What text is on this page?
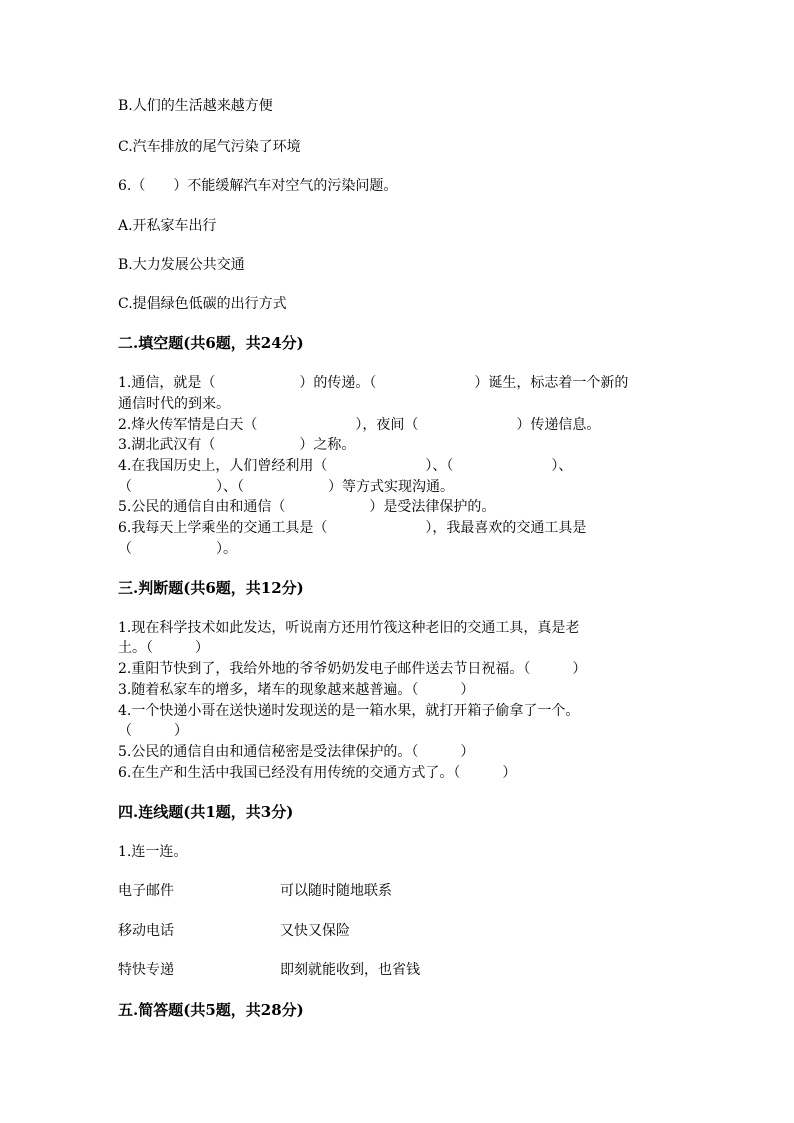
B.人们的生活越来越方便
C.汽车排放的尾气污染了环境
6.（　　）不能缓解汽车对空气的污染问题。
A.开私家车出行
B.大力发展公共交通
C.提倡绿色低碳的出行方式
二.填空题(共6题，共24分)
1.通信，就是（　　　　　　）的传递。（　　　　　　　）诞生，标志着一个新的
通信时代的到来。
2.烽火传军情是白天（　　　　　　　），夜间（　　　　　　　）传递信息。
3.湖北武汉有（　　　　　　）之称。
4.在我国历史上，人们曾经利用（　　　　　　　）、（　　　　　　　）、
（　　　　　　）、（　　　　　　）等方式实现沟通。
5.公民的通信自由和通信（　　　　　　）是受法律保护的。
6.我每天上学乘坐的交通工具是（　　　　　　　），我最喜欢的交通工具是
（　　　　　　）。
三.判断题(共6题，共12分)
1.现在科学技术如此发达，听说南方还用竹筏这种老旧的交通工具，真是老
土。（　　　）
2.重阳节快到了，我给外地的爷爷奶奶发电子邮件送去节日祝福。（　　　）
3.随着私家车的增多，堵车的现象越来越普遍。（　　　）
4.一个快递小哥在送快递时发现送的是一箱水果，就打开箱子偷拿了一个。
（　　　）
5.公民的通信自由和通信秘密是受法律保护的。（　　　）
6.在生产和生活中我国已经没有用传统的交通方式了。（　　　）
四.连线题(共1题，共3分)
1.连一连。
电子邮件	可以随时随地联系
移动电话	又快又保险
特快专递	即刻就能收到，也省钱
五.简答题(共5题，共28分)
